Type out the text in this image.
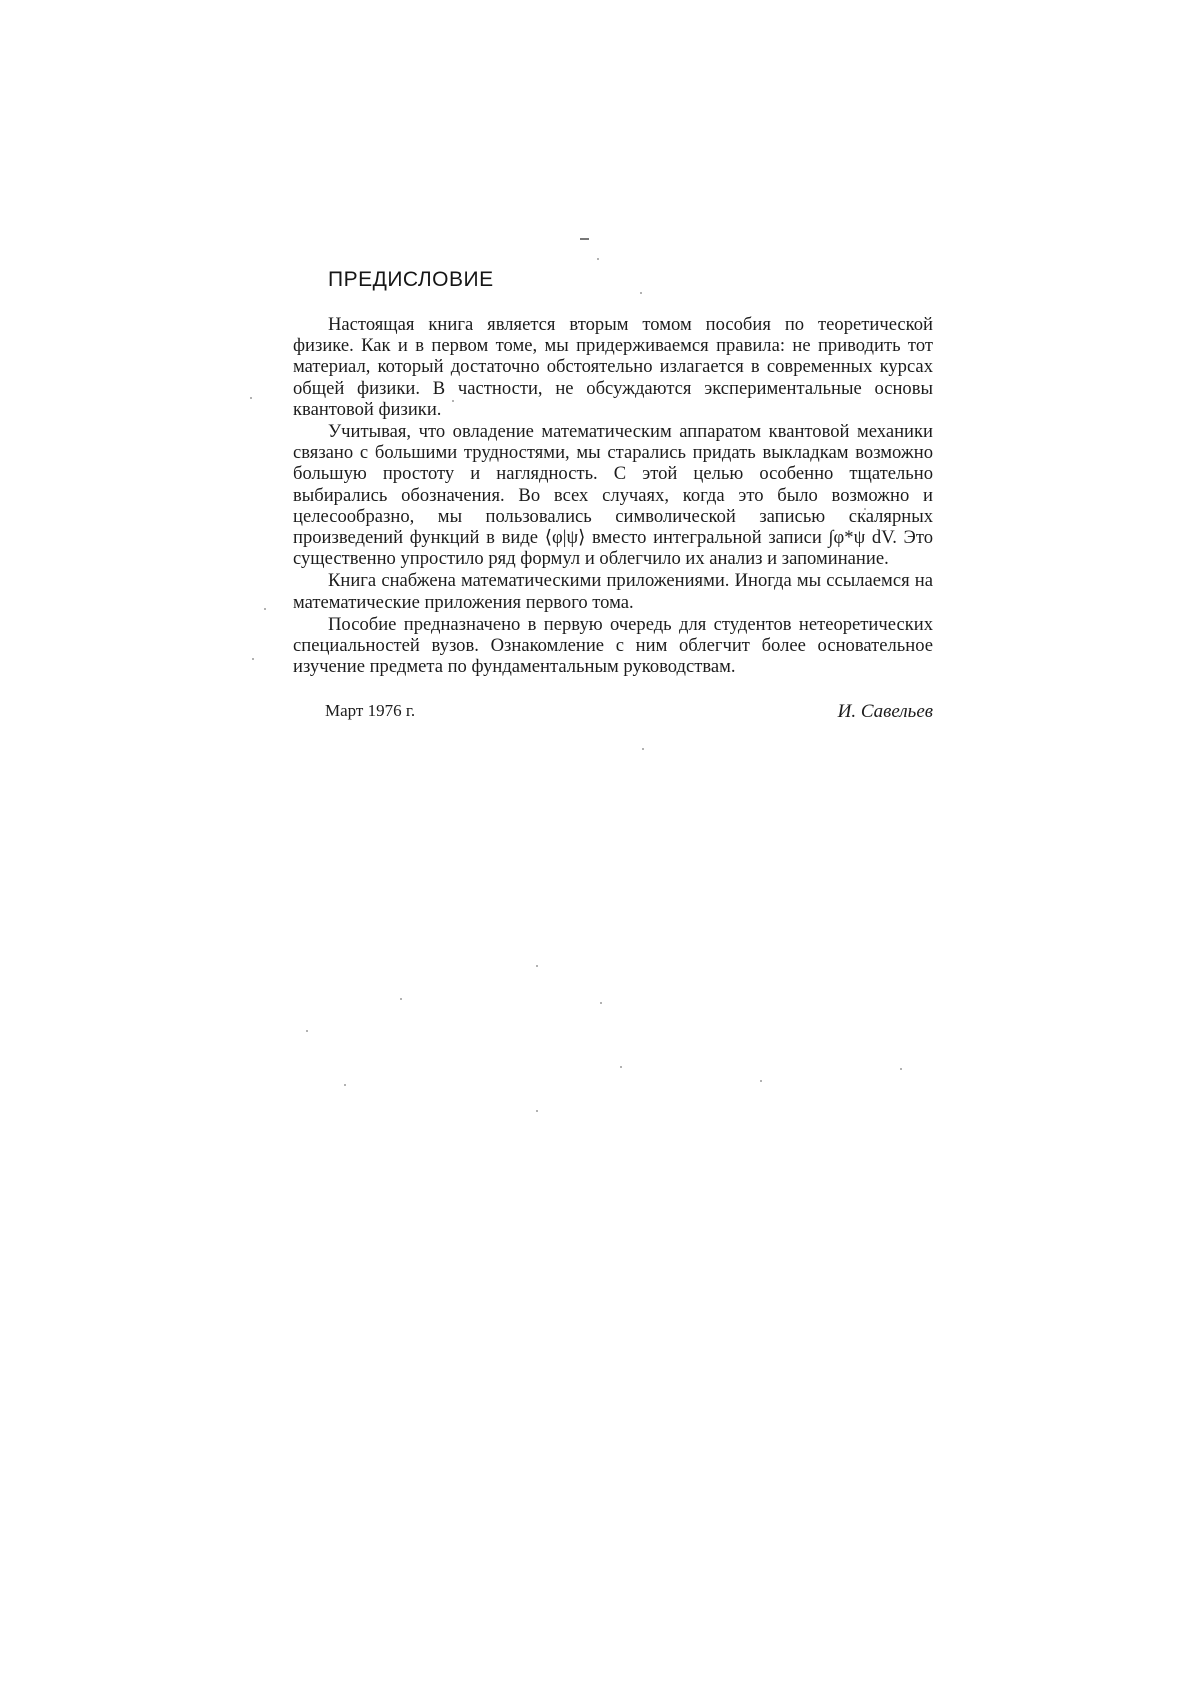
ПРЕДИСЛОВИЕ

Настоящая книга является вторым томом пособия по теоретической физике. Как и в первом томе, мы придерживаемся правила: не приводить тот материал, который достаточно обстоятельно излагается в современных курсах общей физики. В частности, не обсуждаются экспериментальные основы квантовой физики.

Учитывая, что овладение математическим аппаратом квантовой механики связано с большими трудностями, мы старались придать выкладкам возможно большую простоту и наглядность. С этой целью особенно тщательно выбирались обозначения. Во всех случаях, когда это было возможно и целесообразно, мы пользовались символической записью скалярных произведений функций в виде ⟨φ|ψ⟩ вместо интегральной записи ∫φ*ψ dV. Это существенно упростило ряд формул и облегчило их анализ и запоминание.

Книга снабжена математическими приложениями. Иногда мы ссылаемся на математические приложения первого тома.

Пособие предназначено в первую очередь для студентов нетеоретических специальностей вузов. Ознакомление с ним облегчит более основательное изучение предмета по фундаментальным руководствам.

Март 1976 г.	И. Савельев
